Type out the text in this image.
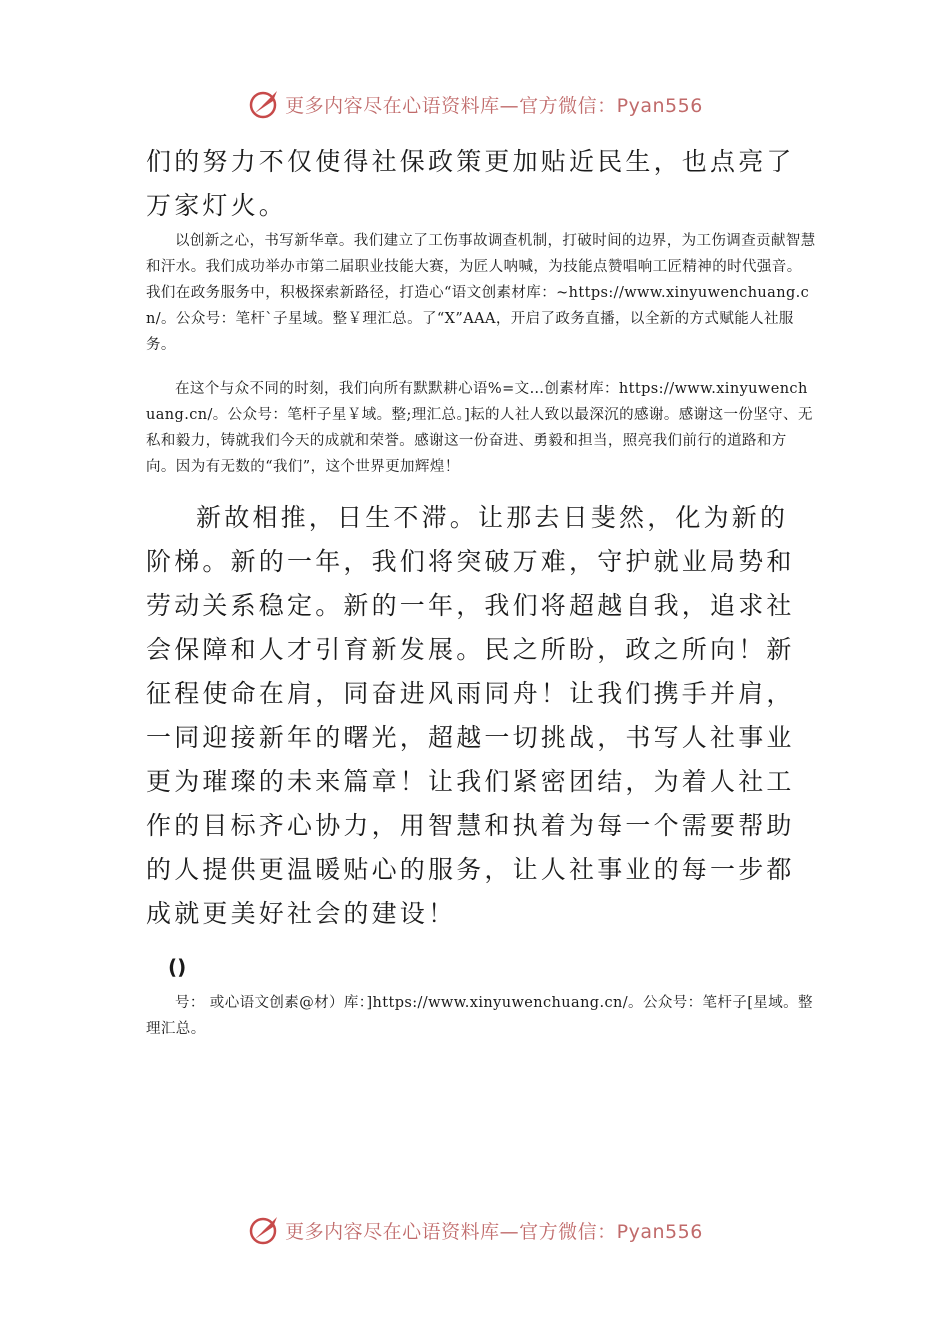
更多内容尽在心语资料库—官方微信：Pyan556

们的努力不仅使得社保政策更加贴近民生，也点亮了万家灯火。

以创新之心，书写新华章。我们建立了工伤事故调查机制，打破时间的边界，为工伤调查贡献智慧和汗水。我们成功举办市第二届职业技能大赛，为匠人呐喊，为技能点赞唱响工匠精神的时代强音。我们在政务服务中，积极探索新路径，打造心“语文创素材库：~https://www.xinyuwenchuang.cn/。公众号：笔杆`子星域。整￥理汇总。了“X”AAA，开启了政务直播，以全新的方式赋能人社服务。

在这个与众不同的时刻，我们向所有默默耕心语%=文…创素材库：https://www.xinyuwenchuang.cn/。公众号：笔杆子星￥域。整;理汇总。]耘的人社人致以最深沉的感谢。感谢这一份坚守、无私和毅力，铸就我们今天的成就和荣誉。感谢这一份奋进、勇毅和担当，照亮我们前行的道路和方向。因为有无数的“我们”，这个世界更加辉煌！

新故相推，日生不滞。让那去日斐然，化为新的阶梯。新的一年，我们将突破万难，守护就业局势和劳动关系稳定。新的一年，我们将超越自我，追求社会保障和人才引育新发展。民之所盼，政之所向！新征程使命在肩，同奋进风雨同舟！让我们携手并肩，一同迎接新年的曙光，超越一切挑战，书写人社事业更为璀璨的未来篇章！让我们紧密团结，为着人社工作的目标齐心协力，用智慧和执着为每一个需要帮助的人提供更温暖贴心的服务，让人社事业的每一步都成就更美好社会的建设！

()

号： 或心语文创素@材）库：]https://www.xinyuwenchuang.cn/。公众号：笔杆子[星域。整理汇总。

更多内容尽在心语资料库—官方微信：Pyan556
